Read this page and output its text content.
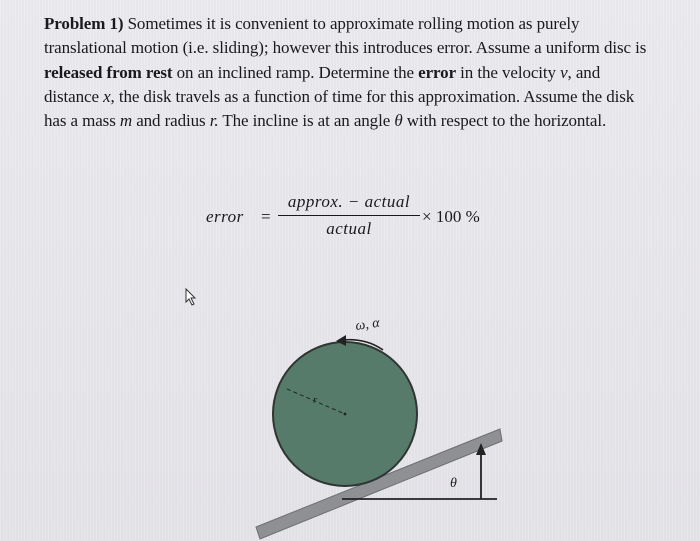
Problem 1) Sometimes it is convenient to approximate rolling motion as purely translational motion (i.e. sliding); however this introduces error. Assume a uniform disc is released from rest on an inclined ramp. Determine the error in the velocity v, and distance x, the disk travels as a function of time for this approximation. Assume the disk has a mass m and radius r. The incline is at an angle θ with respect to the horizontal.
error =
approx. − actual
actual
× 100 %
r
θ
ω, α
